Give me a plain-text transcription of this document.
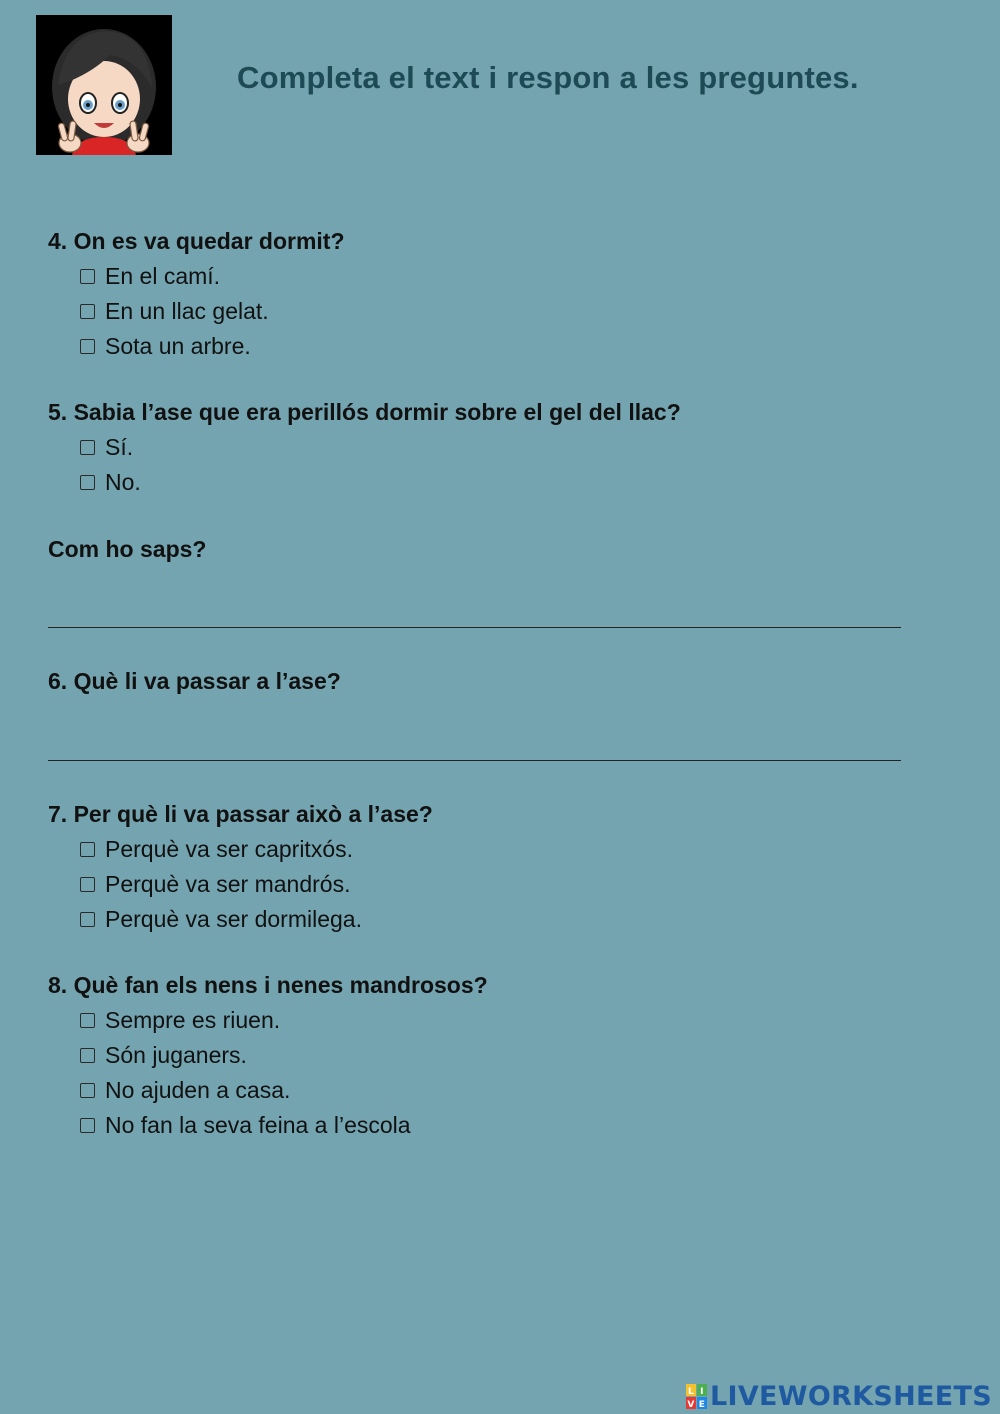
Completa el text i respon a les preguntes.
4. On es va quedar dormit?
En el camí.
En un llac gelat.
Sota un arbre.
5. Sabia l’ase que era perillós dormir sobre el gel del llac?
Sí.
No.
Com ho saps?
6. Què li va passar a l’ase?
7. Per què li va passar això a l’ase?
Perquè va ser capritxós.
Perquè va ser mandrós.
Perquè va ser dormilega.
8. Què fan els nens i nenes mandrosos?
Sempre es riuen.
Són juganers.
No ajuden a casa.
No fan la seva feina a l’escola
L I
V E LIVEWORKSHEETS
